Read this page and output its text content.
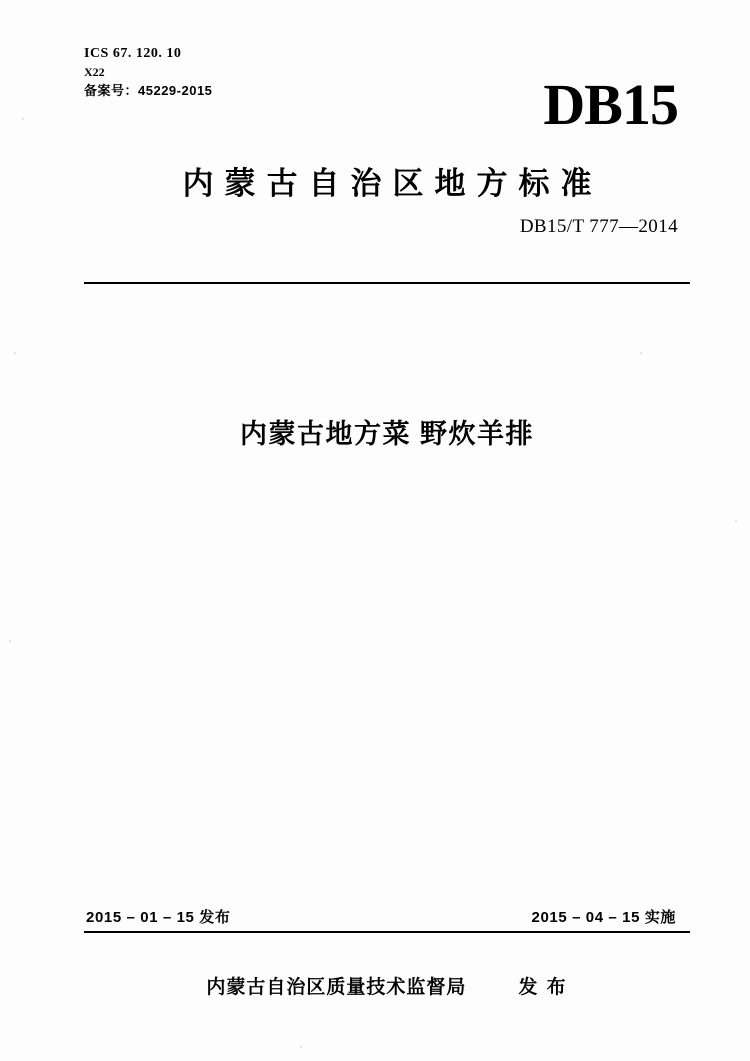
ICS 67. 120. 10
X22
备案号：45229-2015	DB15
内蒙古自治区地方标准
DB15/T 777—2014
内蒙古地方菜 野炊羊排
2015 – 01 – 15 发布	2015 – 04 – 15 实施
内蒙古自治区质量技术监督局	发 布
